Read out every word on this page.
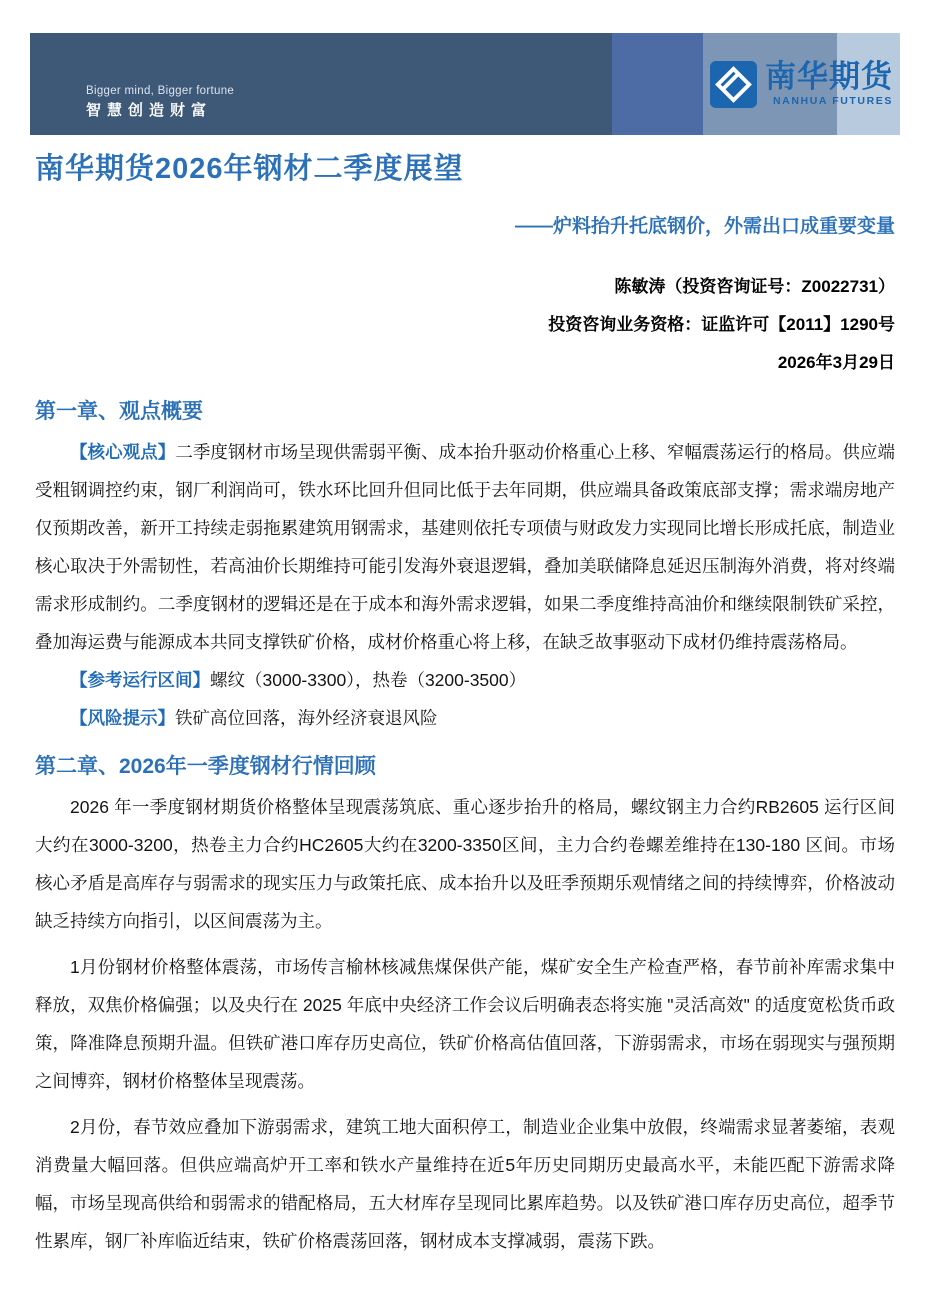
Bigger mind, Bigger fortune
智慧创造财富
南华期货
NANHUA FUTURES
南华期货2026年钢材二季度展望
——炉料抬升托底钢价，外需出口成重要变量
陈敏涛（投资咨询证号：Z0022731）
投资咨询业务资格：证监许可【2011】1290号
2026年3月29日
第一章、观点概要

【核心观点】二季度钢材市场呈现供需弱平衡、成本抬升驱动价格重心上移、窄幅震荡运行的格局。供应端受粗钢调控约束，钢厂利润尚可，铁水环比回升但同比低于去年同期，供应端具备政策底部支撑；需求端房地产仅预期改善，新开工持续走弱拖累建筑用钢需求，基建则依托专项债与财政发力实现同比增长形成托底，制造业核心取决于外需韧性，若高油价长期维持可能引发海外衰退逻辑，叠加美联储降息延迟压制海外消费，将对终端需求形成制约。二季度钢材的逻辑还是在于成本和海外需求逻辑，如果二季度维持高油价和继续限制铁矿采控，叠加海运费与能源成本共同支撑铁矿价格，成材价格重心将上移，在缺乏故事驱动下成材仍维持震荡格局。

【参考运行区间】螺纹（3000-3300），热卷（3200-3500）

【风险提示】铁矿高位回落，海外经济衰退风险

第二章、2026年一季度钢材行情回顾

2026 年一季度钢材期货价格整体呈现震荡筑底、重心逐步抬升的格局，螺纹钢主力合约RB2605 运行区间大约在3000-3200，热卷主力合约HC2605大约在3200-3350区间，主力合约卷螺差维持在130-180 区间。市场核心矛盾是高库存与弱需求的现实压力与政策托底、成本抬升以及旺季预期乐观情绪之间的持续博弈，价格波动缺乏持续方向指引，以区间震荡为主。

1月份钢材价格整体震荡，市场传言榆林核减焦煤保供产能，煤矿安全生产检查严格，春节前补库需求集中释放，双焦价格偏强；以及央行在 2025 年底中央经济工作会议后明确表态将实施 "灵活高效" 的适度宽松货币政策，降准降息预期升温。但铁矿港口库存历史高位，铁矿价格高估值回落，下游弱需求，市场在弱现实与强预期之间博弈，钢材价格整体呈现震荡。

2月份，春节效应叠加下游弱需求，建筑工地大面积停工，制造业企业集中放假，终端需求显著萎缩，表观消费量大幅回落。但供应端高炉开工率和铁水产量维持在近5年历史同期历史最高水平，未能匹配下游需求降幅，市场呈现高供给和弱需求的错配格局，五大材库存呈现同比累库趋势。以及铁矿港口库存历史高位，超季节性累库，钢厂补库临近结束，铁矿价格震荡回落，钢材成本支撑减弱，震荡下跌。
